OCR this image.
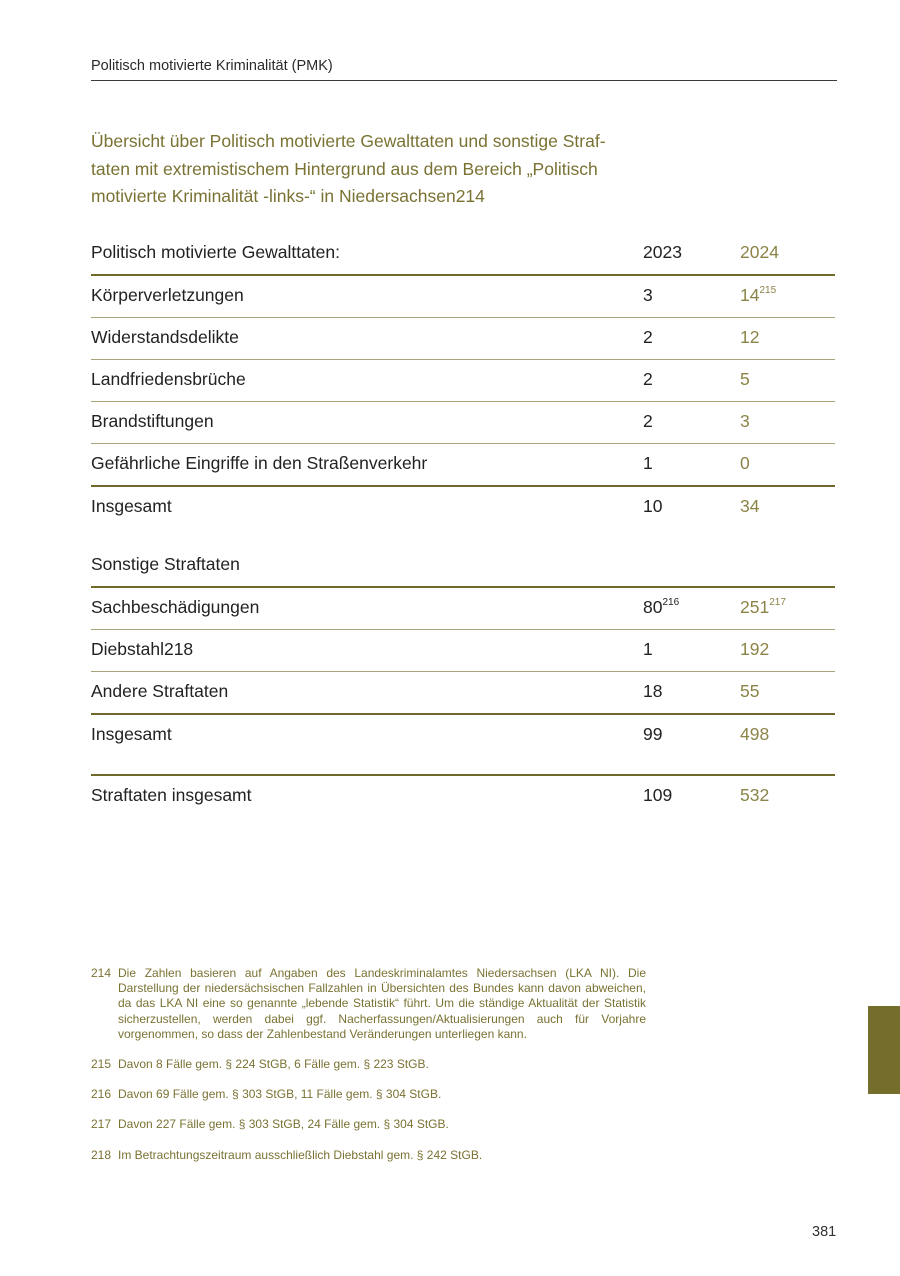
Politisch motivierte Kriminalität (PMK)
Übersicht über Politisch motivierte Gewalttaten und sonstige Straf-
taten mit extremistischem Hintergrund aus dem Bereich „Politisch
motivierte Kriminalität -links-“ in Niedersachsen214
Politisch motivierte Gewalttaten:	2023	2024
Körperverletzungen	3	$14^{215}$
Widerstandsdelikte	2	12
Landfriedensbrüche	2	5
Brandstiftungen	2	3
Gefährliche Eingriffe in den Straßenverkehr	1	0
Insgesamt	10	34
Sonstige Straftaten
Sachbeschädigungen	$80^{216}$	$251^{217}$
Diebstahl218	1	192
Andere Straftaten	18	55
Insgesamt	99	498
Straftaten insgesamt	109	532
214 Die Zahlen basieren auf Angaben des Landeskriminalamtes Niedersachsen (LKA NI). Die Darstellung der niedersächsischen Fallzahlen in Übersichten des Bundes kann davon abweichen, da das LKA NI eine so genannte „lebende Statistik“ führt. Um die ständige Aktualität der Statistik sicherzustellen, werden dabei ggf. Nacherfassungen/Aktualisierungen auch für Vorjahre vorgenommen, so dass der Zahlenbestand Veränderungen unterliegen kann.
215 Davon 8 Fälle gem. § 224 StGB, 6 Fälle gem. § 223 StGB.
216 Davon 69 Fälle gem. § 303 StGB, 11 Fälle gem. § 304 StGB.
217 Davon 227 Fälle gem. § 303 StGB, 24 Fälle gem. § 304 StGB.
218 Im Betrachtungszeitraum ausschließlich Diebstahl gem. § 242 StGB.
381
